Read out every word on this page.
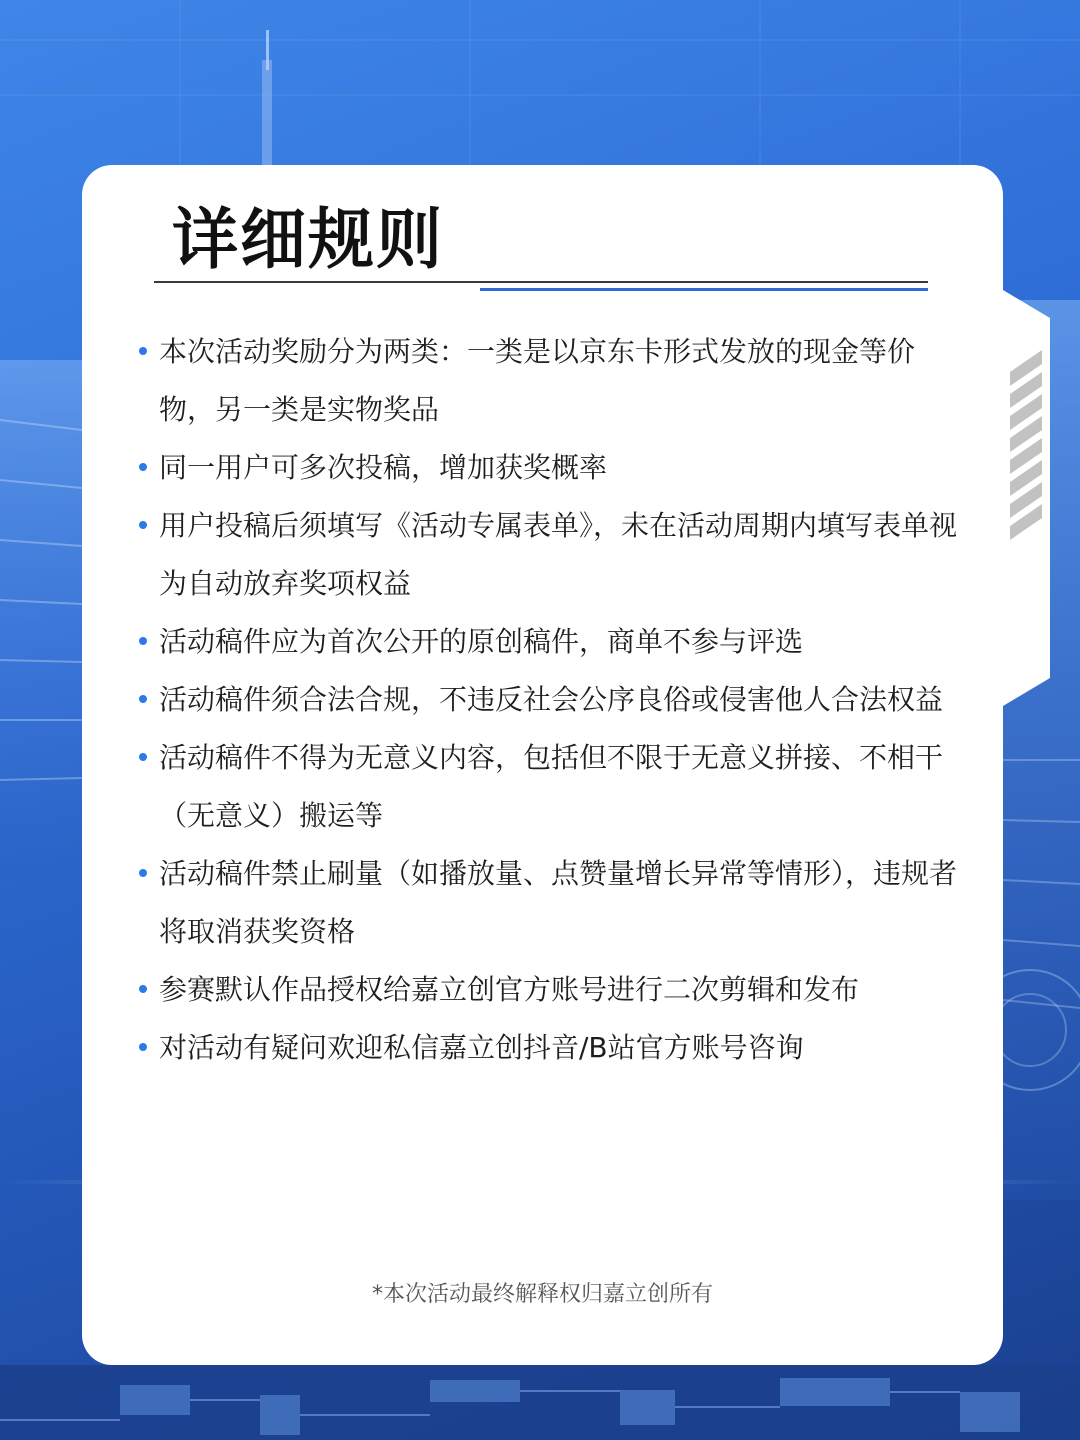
详细规则
本次活动奖励分为两类：一类是以京东卡形式发放的现金等价物，另一类是实物奖品
同一用户可多次投稿，增加获奖概率
用户投稿后须填写《活动专属表单》，未在活动周期内填写表单视为自动放弃奖项权益
活动稿件应为首次公开的原创稿件，商单不参与评选
活动稿件须合法合规，不违反社会公序良俗或侵害他人合法权益
活动稿件不得为无意义内容，包括但不限于无意义拼接、不相干（无意义）搬运等
活动稿件禁止刷量（如播放量、点赞量增长异常等情形），违规者将取消获奖资格
参赛默认作品授权给嘉立创官方账号进行二次剪辑和发布
对活动有疑问欢迎私信嘉立创抖音/B站官方账号咨询
*本次活动最终解释权归嘉立创所有
